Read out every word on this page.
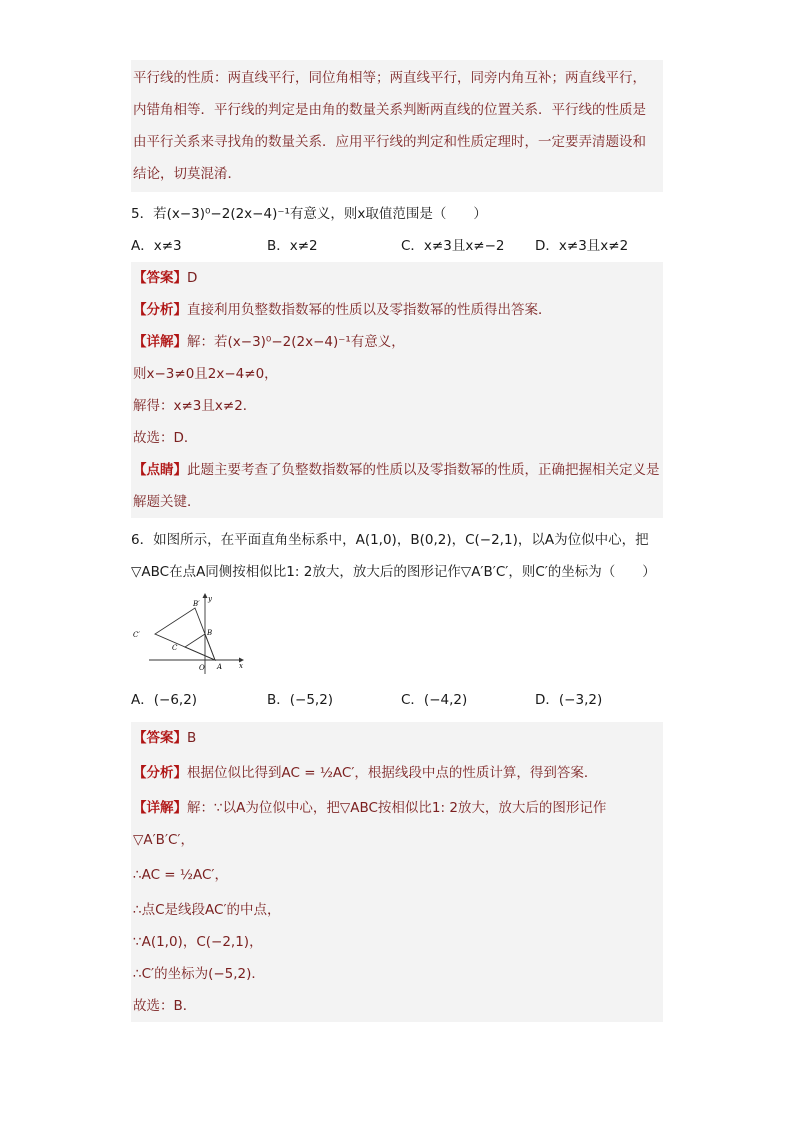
平行线的性质：两直线平行，同位角相等；两直线平行，同旁内角互补；两直线平行，内错角相等．平行线的判定是由角的数量关系判断两直线的位置关系．平行线的性质是由平行关系来寻找角的数量关系．应用平行线的判定和性质定理时，一定要弄清题设和结论，切莫混淆．
5．若(x−3)⁰−2(2x−4)⁻¹有意义，则x取值范围是（　　）
A．x≠3	B．x≠2	C．x≠3且x≠−2	D．x≠3且x≠2
【答案】D
【分析】直接利用负整数指数幂的性质以及零指数幂的性质得出答案．
【详解】解：若(x−3)⁰−2(2x−4)⁻¹有意义，
则x−3≠0且2x−4≠0，
解得：x≠3且x≠2．
故选：D．
【点睛】此题主要考查了负整数指数幂的性质以及零指数幂的性质，正确把握相关定义是解题关键．
6．如图所示，在平面直角坐标系中，A(1,0)，B(0,2)，C(−2,1)，以A为位似中心，把▽ABC在点A同侧按相似比1: 2放大，放大后的图形记作▽A′B′C′，则C′的坐标为（　　）
B′
y
B
C′
C
O A x
A．(−6,2)	B．(−5,2)	C．(−4,2)	D．(−3,2)
【答案】B
【分析】根据位似比得到AC = ½AC′，根据线段中点的性质计算，得到答案．
【详解】解：∵以A为位似中心，把▽ABC按相似比1: 2放大，放大后的图形记作
▽A′B′C′，
∴AC = ½AC′，
∴点C是线段AC′的中点，
∵A(1,0)，C(−2,1)，
∴C′的坐标为(−5,2)．
故选：B．
